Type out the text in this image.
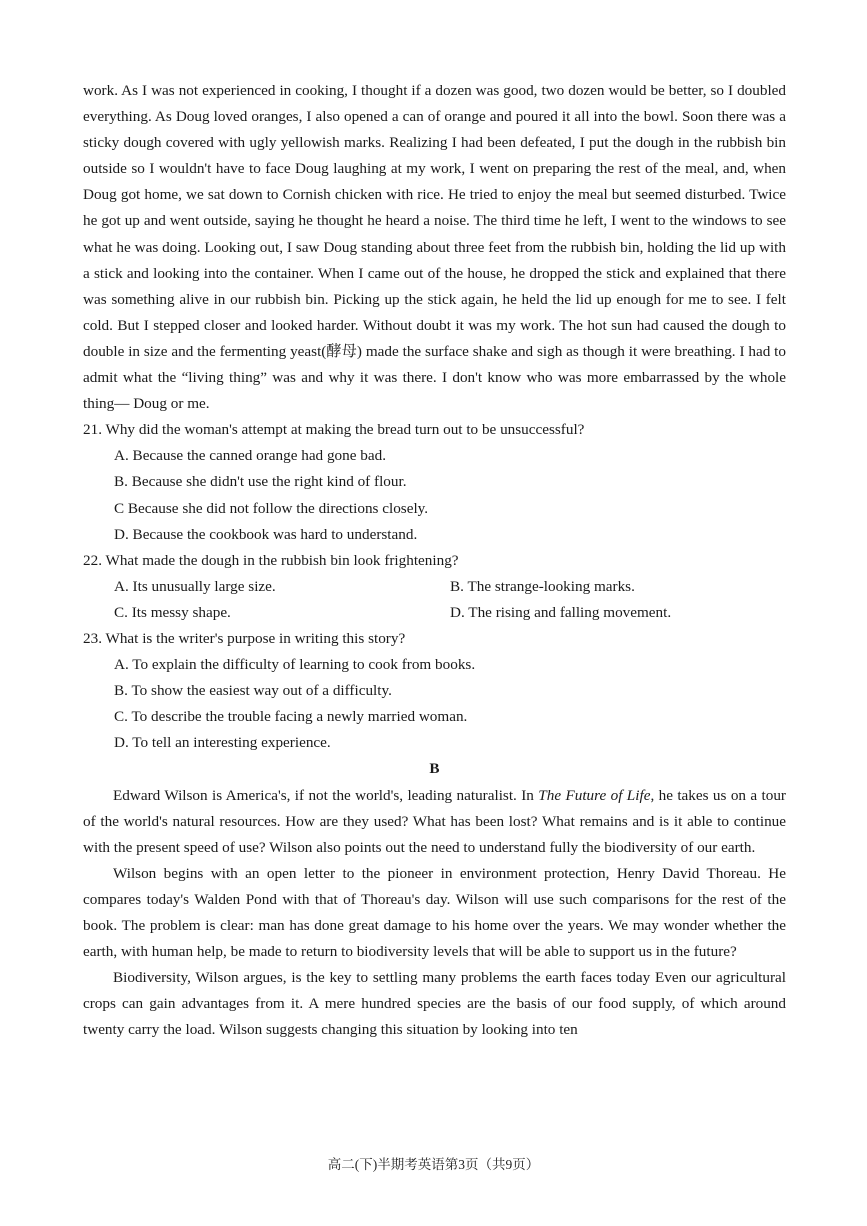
work. As I was not experienced in cooking, I thought if a dozen was good, two dozen would be better, so I doubled everything. As Doug loved oranges, I also opened a can of orange and poured it all into the bowl. Soon there was a sticky dough covered with ugly yellowish marks. Realizing I had been defeated, I put the dough in the rubbish bin outside so I wouldn't have to face Doug laughing at my work, I went on preparing the rest of the meal, and, when Doug got home, we sat down to Cornish chicken with rice. He tried to enjoy the meal but seemed disturbed. Twice he got up and went outside, saying he thought he heard a noise. The third time he left, I went to the windows to see what he was doing. Looking out, I saw Doug standing about three feet from the rubbish bin, holding the lid up with a stick and looking into the container. When I came out of the house, he dropped the stick and explained that there was something alive in our rubbish bin. Picking up the stick again, he held the lid up enough for me to see. I felt cold. But I stepped closer and looked harder. Without doubt it was my work. The hot sun had caused the dough to double in size and the fermenting yeast(酵母) made the surface shake and sigh as though it were breathing. I had to admit what the “living thing” was and why it was there. I don't know who was more embarrassed by the whole thing— Doug or me.

21. Why did the woman's attempt at making the bread turn out to be unsuccessful?

A. Because the canned orange had gone bad.

B. Because she didn't use the right kind of flour.

C Because she did not follow the directions closely.

D. Because the cookbook was hard to understand.

22. What made the dough in the rubbish bin look frightening?

A. Its unusually large size.	B. The strange-looking marks.
C. Its messy shape.	D. The rising and falling movement.

23. What is the writer's purpose in writing this story?

A. To explain the difficulty of learning to cook from books.

B. To show the easiest way out of a difficulty.

C. To describe the trouble facing a newly married woman.

D. To tell an interesting experience.

B

Edward Wilson is America's, if not the world's, leading naturalist. In The Future of Life, he takes us on a tour of the world's natural resources. How are they used? What has been lost? What remains and is it able to continue with the present speed of use? Wilson also points out the need to understand fully the biodiversity of our earth.

Wilson begins with an open letter to the pioneer in environment protection, Henry David Thoreau. He compares today's Walden Pond with that of Thoreau's day. Wilson will use such comparisons for the rest of the book. The problem is clear: man has done great damage to his home over the years. We may wonder whether the earth, with human help, be made to return to biodiversity levels that will be able to support us in the future?

Biodiversity, Wilson argues, is the key to settling many problems the earth faces today Even our agricultural crops can gain advantages from it. A mere hundred species are the basis of our food supply, of which around twenty carry the load. Wilson suggests changing this situation by looking into ten

高二(下)半期考英语第3页（共9页）
